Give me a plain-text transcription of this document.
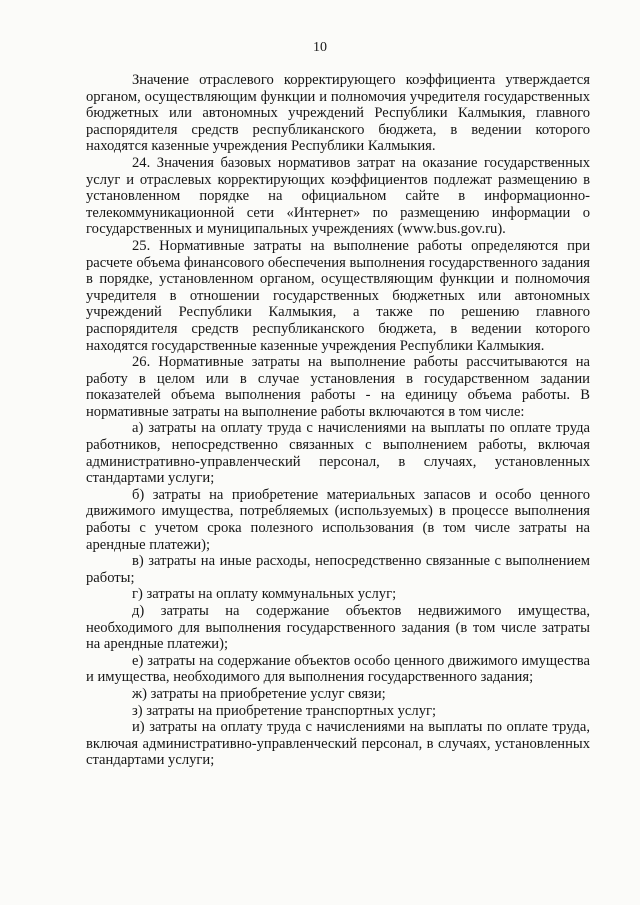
10

Значение отраслевого корректирующего коэффициента утверждается органом, осуществляющим функции и полномочия учредителя государственных бюджетных или автономных учреждений Республики Калмыкия, главного распорядителя средств республиканского бюджета, в ведении которого находятся казенные учреждения Республики Калмыкия.

24. Значения базовых нормативов затрат на оказание государственных услуг и отраслевых корректирующих коэффициентов подлежат размещению в установленном порядке на официальном сайте в информационно-телекоммуникационной сети «Интернет» по размещению информации о государственных и муниципальных учреждениях (www.bus.gov.ru).

25. Нормативные затраты на выполнение работы определяются при расчете объема финансового обеспечения выполнения государственного задания в порядке, установленном органом, осуществляющим функции и полномочия учредителя в отношении государственных бюджетных или автономных учреждений Республики Калмыкия, а также по решению главного распорядителя средств республиканского бюджета, в ведении которого находятся государственные казенные учреждения Республики Калмыкия.

26. Нормативные затраты на выполнение работы рассчитываются на работу в целом или в случае установления в государственном задании показателей объема выполнения работы - на единицу объема работы. В нормативные затраты на выполнение работы включаются в том числе:

а) затраты на оплату труда с начислениями на выплаты по оплате труда работников, непосредственно связанных с выполнением работы, включая административно-управленческий персонал, в случаях, установленных стандартами услуги;

б) затраты на приобретение материальных запасов и особо ценного движимого имущества, потребляемых (используемых) в процессе выполнения работы с учетом срока полезного использования (в том числе затраты на арендные платежи);

в) затраты на иные расходы, непосредственно связанные с выполнением работы;

г) затраты на оплату коммунальных услуг;

д) затраты на содержание объектов недвижимого имущества, необходимого для выполнения государственного задания (в том числе затраты на арендные платежи);

е) затраты на содержание объектов особо ценного движимого имущества и имущества, необходимого для выполнения государственного задания;

ж) затраты на приобретение услуг связи;

з) затраты на приобретение транспортных услуг;

и) затраты на оплату труда с начислениями на выплаты по оплате труда, включая административно-управленческий персонал, в случаях, установленных стандартами услуги;
